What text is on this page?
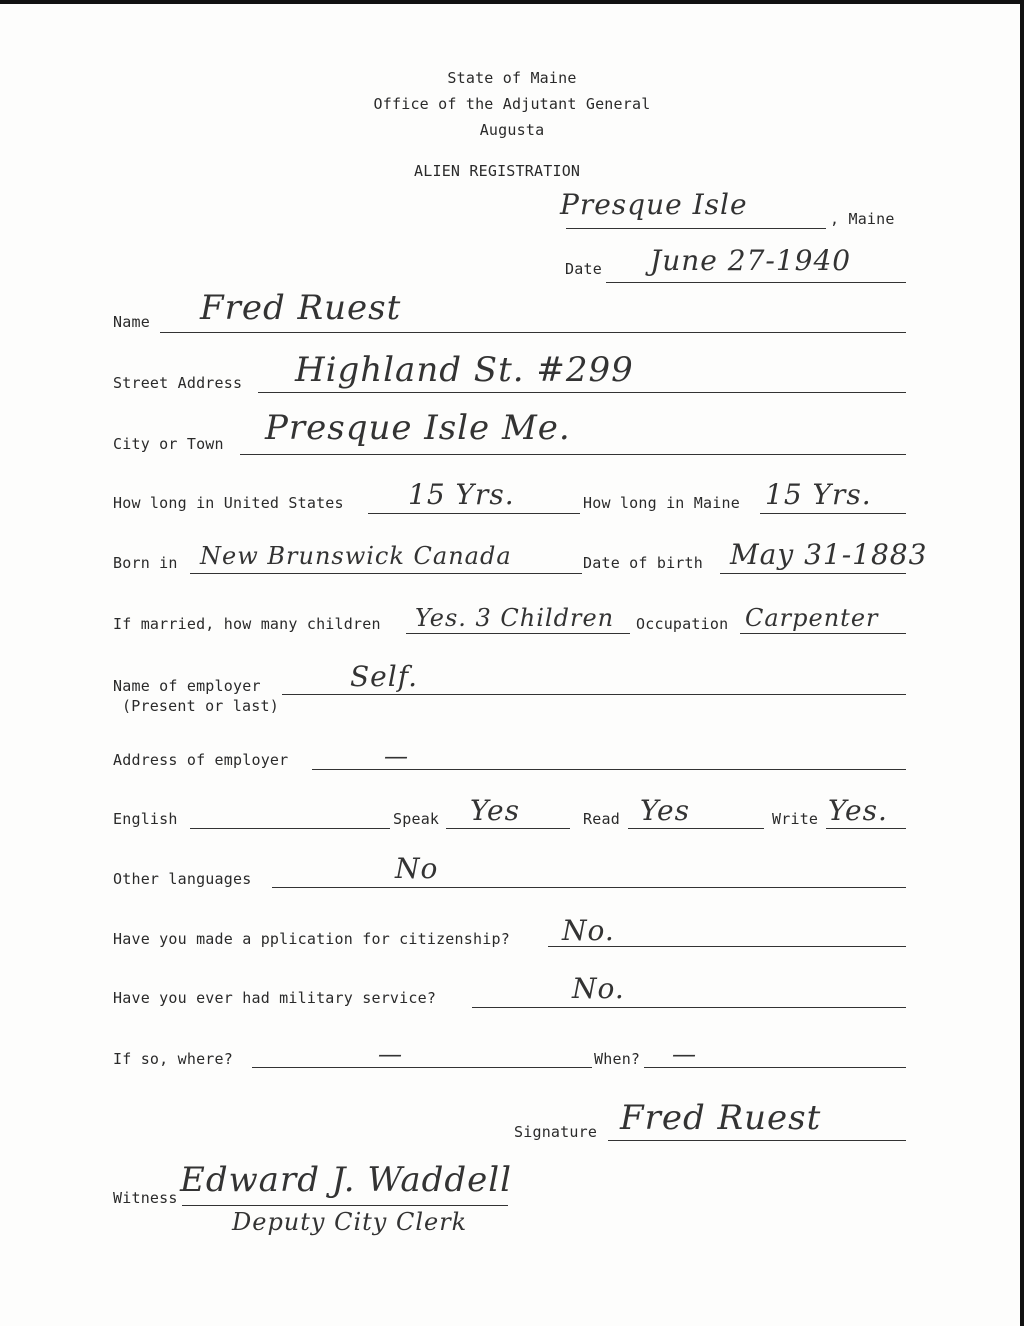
State of Maine
Office of the Adjutant General
Augusta
ALIEN REGISTRATION
Presque Isle	, Maine
Date June 27-1940
Name Fred Ruest
Street Address Highland St. #299
City or Town Presque Isle Me.
How long in United States 15 Yrs.	How long in Maine 15 Yrs.
Born in New Brunswick Canada	Date of birth May 31-1883
If married, how many children Yes. 3 Children Occupation Carpenter
Name of employer
(Present or last)
Self.
Address of employer	—
English	Speak Yes	Read Yes	Write Yes.
Other languages	No
Have you made a pplication for citizenship? No.
Have you ever had military service?	No.
If so, where?	—	When? —
Signature Fred Ruest
Witness Edward J. Waddell
Deputy City Clerk
